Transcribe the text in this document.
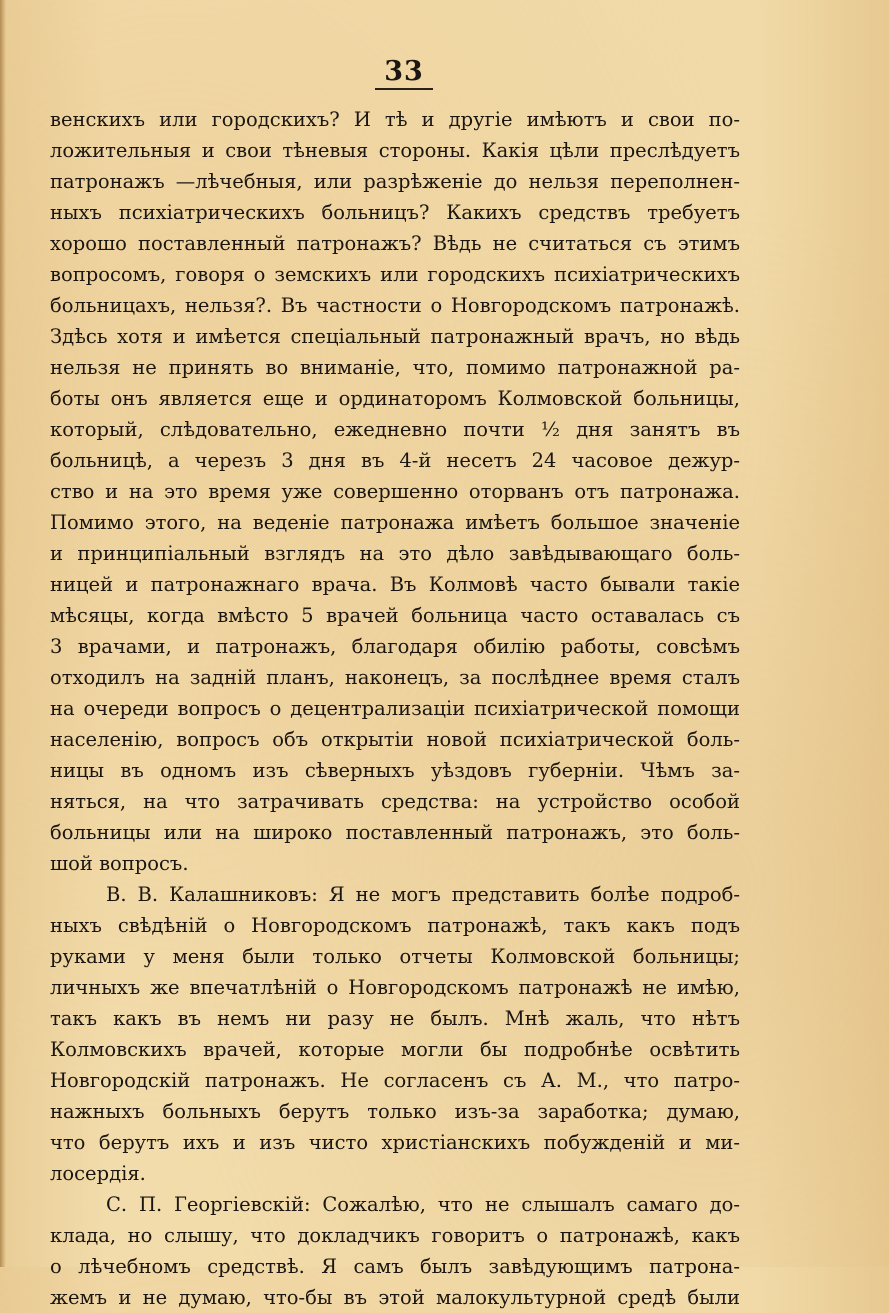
33
венскихъ или городскихъ? И тѣ и другіе имѣютъ и свои по-
ложительныя и свои тѣневыя стороны. Какія цѣли преслѣдуетъ
патронажъ —лѣчебныя, или разрѣженіе до нельзя переполнен-
ныхъ психіатрическихъ больницъ? Какихъ средствъ требуетъ
хорошо поставленный патронажъ? Вѣдь не считаться съ этимъ
вопросомъ, говоря о земскихъ или городскихъ психіатрическихъ
больницахъ, нельзя?. Въ частности о Новгородскомъ патронажѣ.
Здѣсь хотя и имѣется спеціальный патронажный врачъ, но вѣдь
нельзя не принять во вниманіе, что, помимо патронажной ра-
боты онъ является еще и ординаторомъ Колмовской больницы,
который, слѣдовательно, ежедневно почти ½ дня занятъ въ
больницѣ, а черезъ 3 дня въ 4-й несетъ 24 часовое дежур-
ство и на это время уже совершенно оторванъ отъ патронажа.
Помимо этого, на веденіе патронажа имѣетъ большое значеніе
и принципіальный взглядъ на это дѣло завѣдывающаго боль-
ницей и патронажнаго врача. Въ Колмовѣ часто бывали такіе
мѣсяцы, когда вмѣсто 5 врачей больница часто оставалась съ
3 врачами, и патронажъ, благодаря обилію работы, совсѣмъ
отходилъ на задній планъ, наконецъ, за послѣднее время сталъ
на очереди вопросъ о децентрализаціи психіатрической помощи
населенію, вопросъ объ открытіи новой психіатрической боль-
ницы въ одномъ изъ сѣверныхъ уѣздовъ губерніи. Чѣмъ за-
няться, на что затрачивать средства: на устройство особой
больницы или на широко поставленный патронажъ, это боль-
шой вопросъ.
В. В. Калашниковъ: Я не могъ представить болѣе подроб-
ныхъ свѣдѣній о Новгородскомъ патронажѣ, такъ какъ подъ
руками у меня были только отчеты Колмовской больницы;
личныхъ же впечатлѣній о Новгородскомъ патронажѣ не имѣю,
такъ какъ въ немъ ни разу не былъ. Мнѣ жаль, что нѣтъ
Колмовскихъ врачей, которые могли бы подробнѣе освѣтить
Новгородскій патронажъ. Не согласенъ съ А. М., что патро-
нажныхъ больныхъ берутъ только изъ-за заработка; думаю,
что берутъ ихъ и изъ чисто христіанскихъ побужденій и ми-
лосердія.
С. П. Георгіевскій: Сожалѣю, что не слышалъ самаго до-
клада, но слышу, что докладчикъ говоритъ о патронажѣ, какъ
о лѣчебномъ средствѣ. Я самъ былъ завѣдующимъ патрона-
жемъ и не думаю, что-бы въ этой малокультурной средѣ были
